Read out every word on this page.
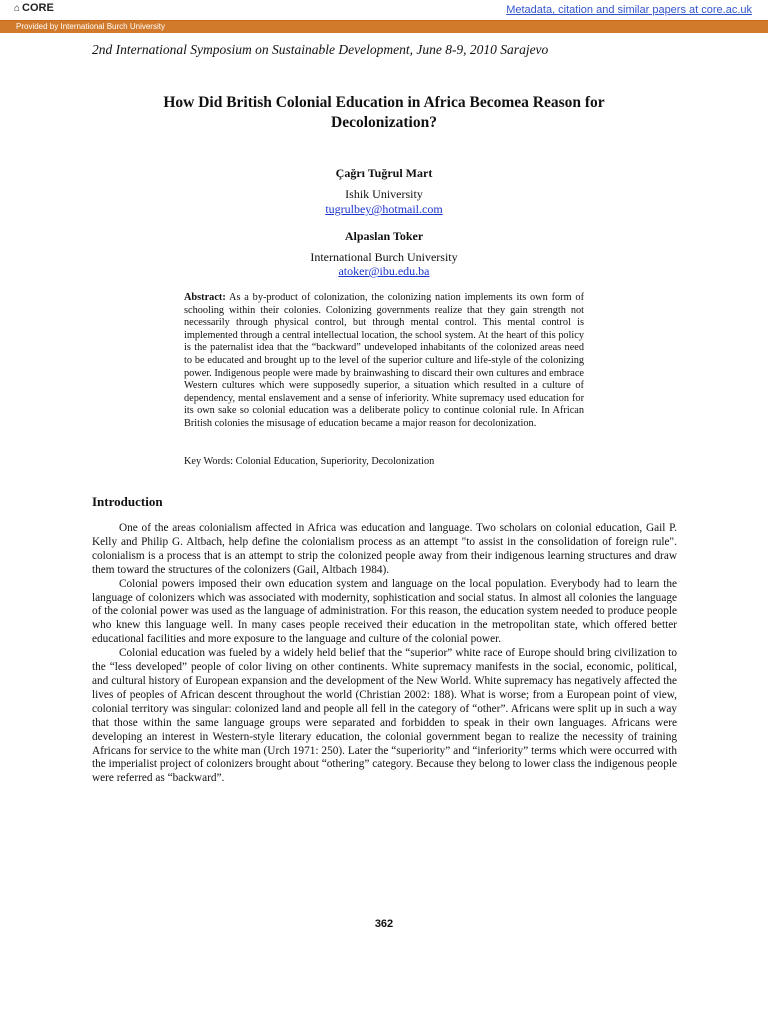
⌂ CORE	Metadata, citation and similar papers at core.ac.uk
Provided by International Burch University
2nd International Symposium on Sustainable Development, June 8-9, 2010 Sarajevo
How Did British Colonial Education in Africa Becomea Reason for Decolonization?
Çağrı Tuğrul Mart
Ishik University
tugrulbey@hotmail.com
Alpaslan Toker
International Burch University
atoker@ibu.edu.ba
Abstract: As a by-product of colonization, the colonizing nation implements its own form of schooling within their colonies. Colonizing governments realize that they gain strength not necessarily through physical control, but through mental control. This mental control is implemented through a central intellectual location, the school system. At the heart of this policy is the paternalist idea that the “backward” undeveloped inhabitants of the colonized areas need to be educated and brought up to the level of the superior culture and life-style of the colonizing power. Indigenous people were made by brainwashing to discard their own cultures and embrace Western cultures which were supposedly superior, a situation which resulted in a culture of dependency, mental enslavement and a sense of inferiority. White supremacy used education for its own sake so colonial education was a deliberate policy to continue colonial rule. In African British colonies the misusage of education became a major reason for decolonization.
Key Words: Colonial Education, Superiority, Decolonization
Introduction

One of the areas colonialism affected in Africa was education and language. Two scholars on colonial education, Gail P. Kelly and Philip G. Altbach, help define the colonialism process as an attempt "to assist in the consolidation of foreign rule". colonialism is a process that is an attempt to strip the colonized people away from their indigenous learning structures and draw them toward the structures of the colonizers (Gail, Altbach 1984).

Colonial powers imposed their own education system and language on the local population. Everybody had to learn the language of colonizers which was associated with modernity, sophistication and social status. In almost all colonies the language of the colonial power was used as the language of administration. For this reason, the education system needed to produce people who knew this language well. In many cases people received their education in the metropolitan state, which offered better educational facilities and more exposure to the language and culture of the colonial power.

Colonial education was fueled by a widely held belief that the “superior” white race of Europe should bring civilization to the “less developed” people of color living on other continents. White supremacy manifests in the social, economic, political, and cultural history of European expansion and the development of the New World. White supremacy has negatively affected the lives of peoples of African descent throughout the world (Christian 2002: 188). What is worse; from a European point of view, colonial territory was singular: colonized land and people all fell in the category of “other”. Africans were split up in such a way that those within the same language groups were separated and forbidden to speak in their own languages. Africans were developing an interest in Western-style literary education, the colonial government began to realize the necessity of training Africans for service to the white man (Urch 1971: 250). Later the “superiority” and “inferiority” terms which were occurred with the imperialist project of colonizers brought about “othering” category. Because they belong to lower class the indigenous people were referred as “backward”.

362
